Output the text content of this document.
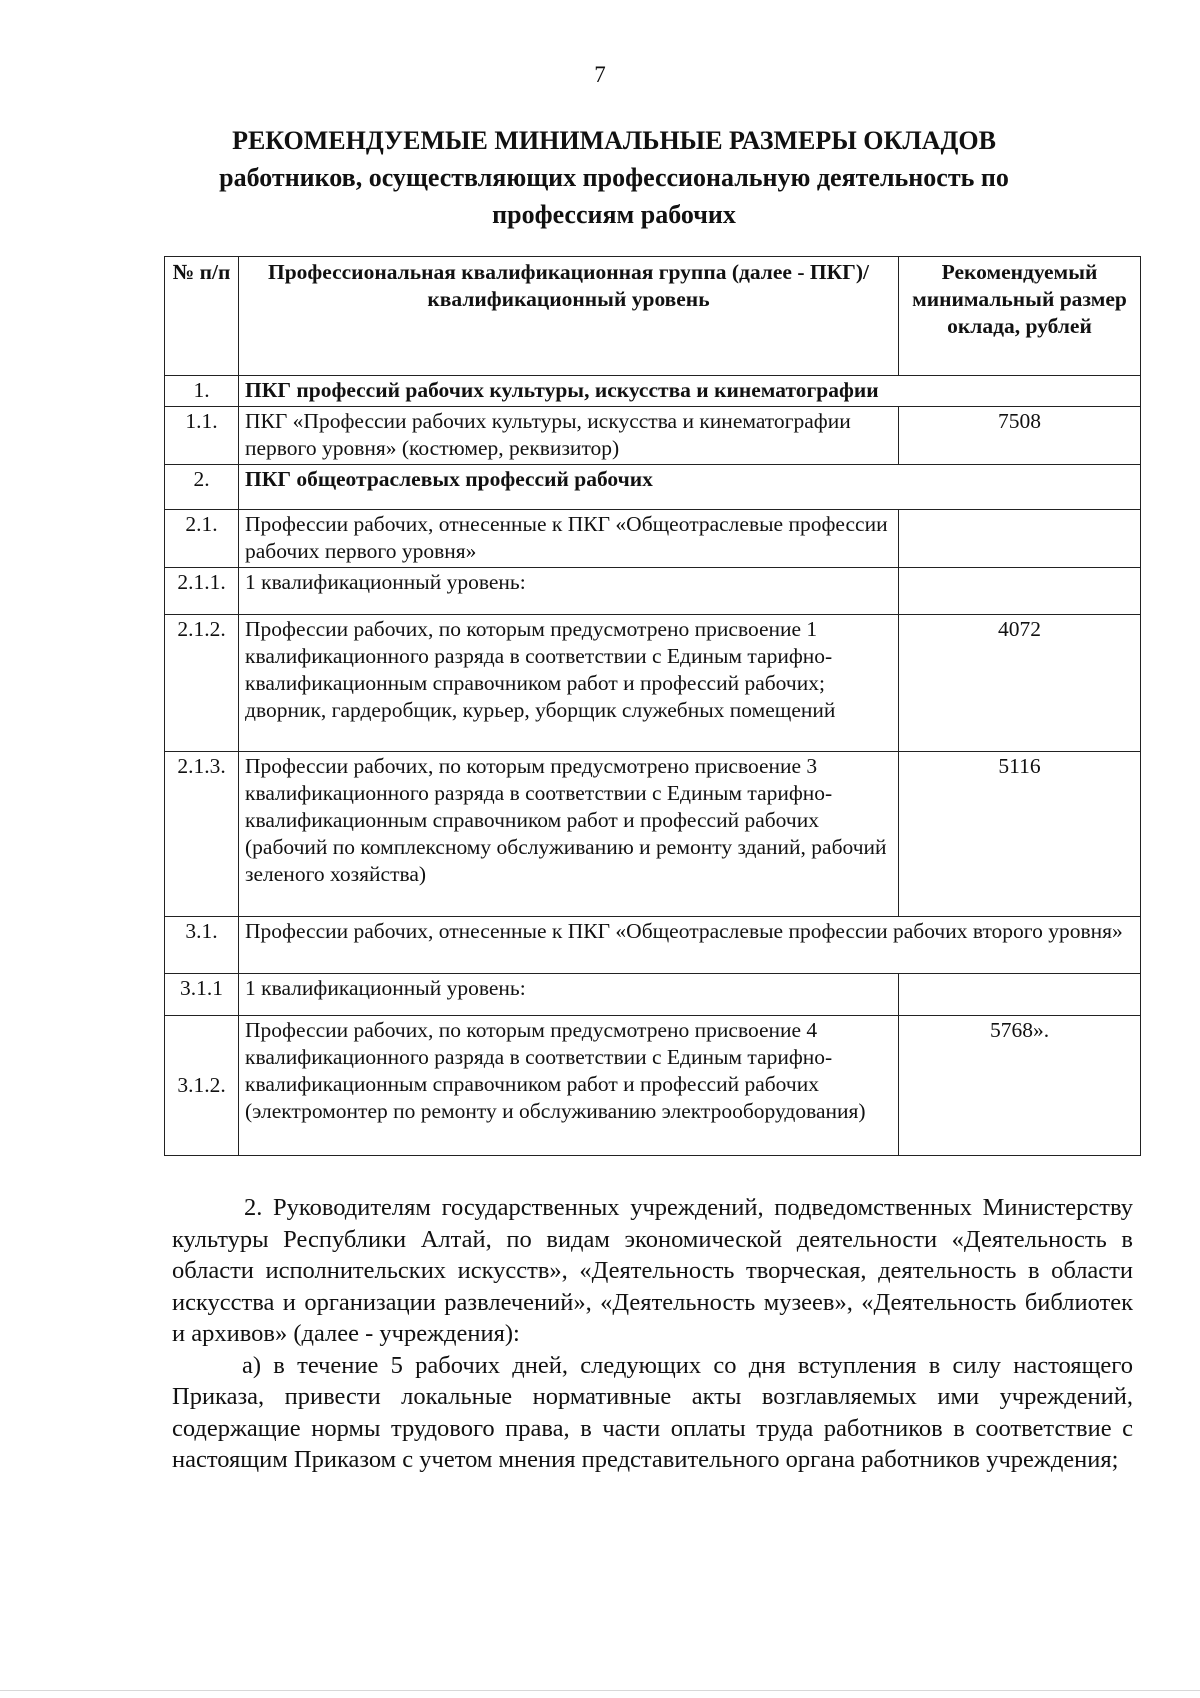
7
РЕКОМЕНДУЕМЫЕ МИНИМАЛЬНЫЕ РАЗМЕРЫ ОКЛАДОВ
работников, осуществляющих профессиональную деятельность по
профессиям рабочих
№ п/п	Профессиональная квалификационная группа (далее - ПКГ)/квалификационный уровень	Рекомендуемый минимальный размер оклада, рублей
1.	ПКГ профессий рабочих культуры, искусства и кинематографии	
1.1.	ПКГ «Профессии рабочих культуры, искусства и кинематографии первого уровня» (костюмер, реквизитор)	7508
2.	ПКГ общеотраслевых профессий рабочих	
2.1.	Профессии рабочих, отнесенные к ПКГ «Общеотраслевые профессии рабочих первого уровня»	
2.1.1.	1 квалификационный уровень:	
2.1.2.	Профессии рабочих, по которым предусмотрено присвоение 1 квалификационного разряда в соответствии с Единым тарифно-квалификационным справочником работ и профессий рабочих; дворник, гардеробщик, курьер, уборщик служебных помещений	4072
2.1.3.	Профессии рабочих, по которым предусмотрено присвоение 3 квалификационного разряда в соответствии с Единым тарифно-квалификационным справочником работ и профессий рабочих (рабочий по комплексному обслуживанию и ремонту зданий, рабочий зеленого хозяйства)	5116
3.1.	Профессии рабочих, отнесенные к ПКГ «Общеотраслевые профессии рабочих второго уровня»	
3.1.1	1 квалификационный уровень:	
3.1.2.	Профессии рабочих, по которым предусмотрено присвоение 4 квалификационного разряда в соответствии с Единым тарифно-квалификационным справочником работ и профессий рабочих (электромонтер по ремонту и обслуживанию электрооборудования)	5768».

2. Руководителям государственных учреждений, подведомственных Министерству культуры Республики Алтай, по видам экономической деятельности «Деятельность в области исполнительских искусств», «Деятельность творческая, деятельность в области искусства и организации развлечений», «Деятельность музеев», «Деятельность библиотек и архивов» (далее - учреждения):

а) в течение 5 рабочих дней, следующих со дня вступления в силу настоящего Приказа, привести локальные нормативные акты возглавляемых ими учреждений, содержащие нормы трудового права, в части оплаты труда работников в соответствие с настоящим Приказом с учетом мнения представительного органа работников учреждения;
